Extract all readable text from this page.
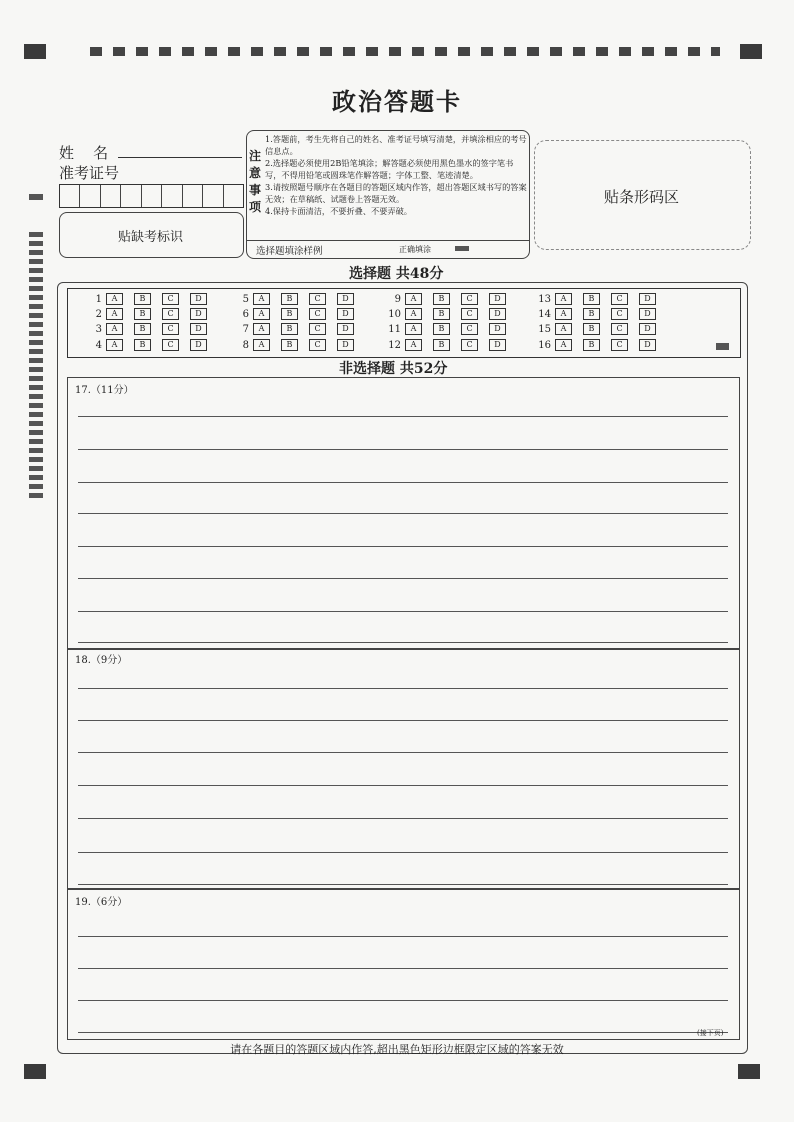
政治答题卡
姓    名
准考证号
贴缺考标识
注意事项

1.答题前，考生先将自己的姓名、准考证号填写清楚，并填涂相应的考号信息点。

2.选择题必须使用2B铅笔填涂；解答题必须使用黑色墨水的签字笔书写，不得用铅笔或圆珠笔作解答题；字体工整、笔迹清楚。

3.请按照题号顺序在各题目的答题区域内作答，超出答题区域书写的答案无效；在草稿纸、试题卷上答题无效。

4.保持卡面清洁，不要折叠、不要弄破。

选择题填涂样例	正确填涂
贴条形码区
选择题 共48分
1	A	B	C	D
2	A	B	C	D
3	A	B	C	D
4	A	B	C	D
5	A	B	C	D
6	A	B	C	D
7	A	B	C	D
8	A	B	C	D
9	A	B	C	D
10	A	B	C	D
11	A	B	C	D
12	A	B	C	D
13	A	B	C	D
14	A	B	C	D
15	A	B	C	D
16	A	B	C	D
非选择题 共52分
17.（11分）
18.（9分）
19.（6分）
(接下页)
请在各题目的答题区域内作答,超出黑色矩形边框限定区域的答案无效
